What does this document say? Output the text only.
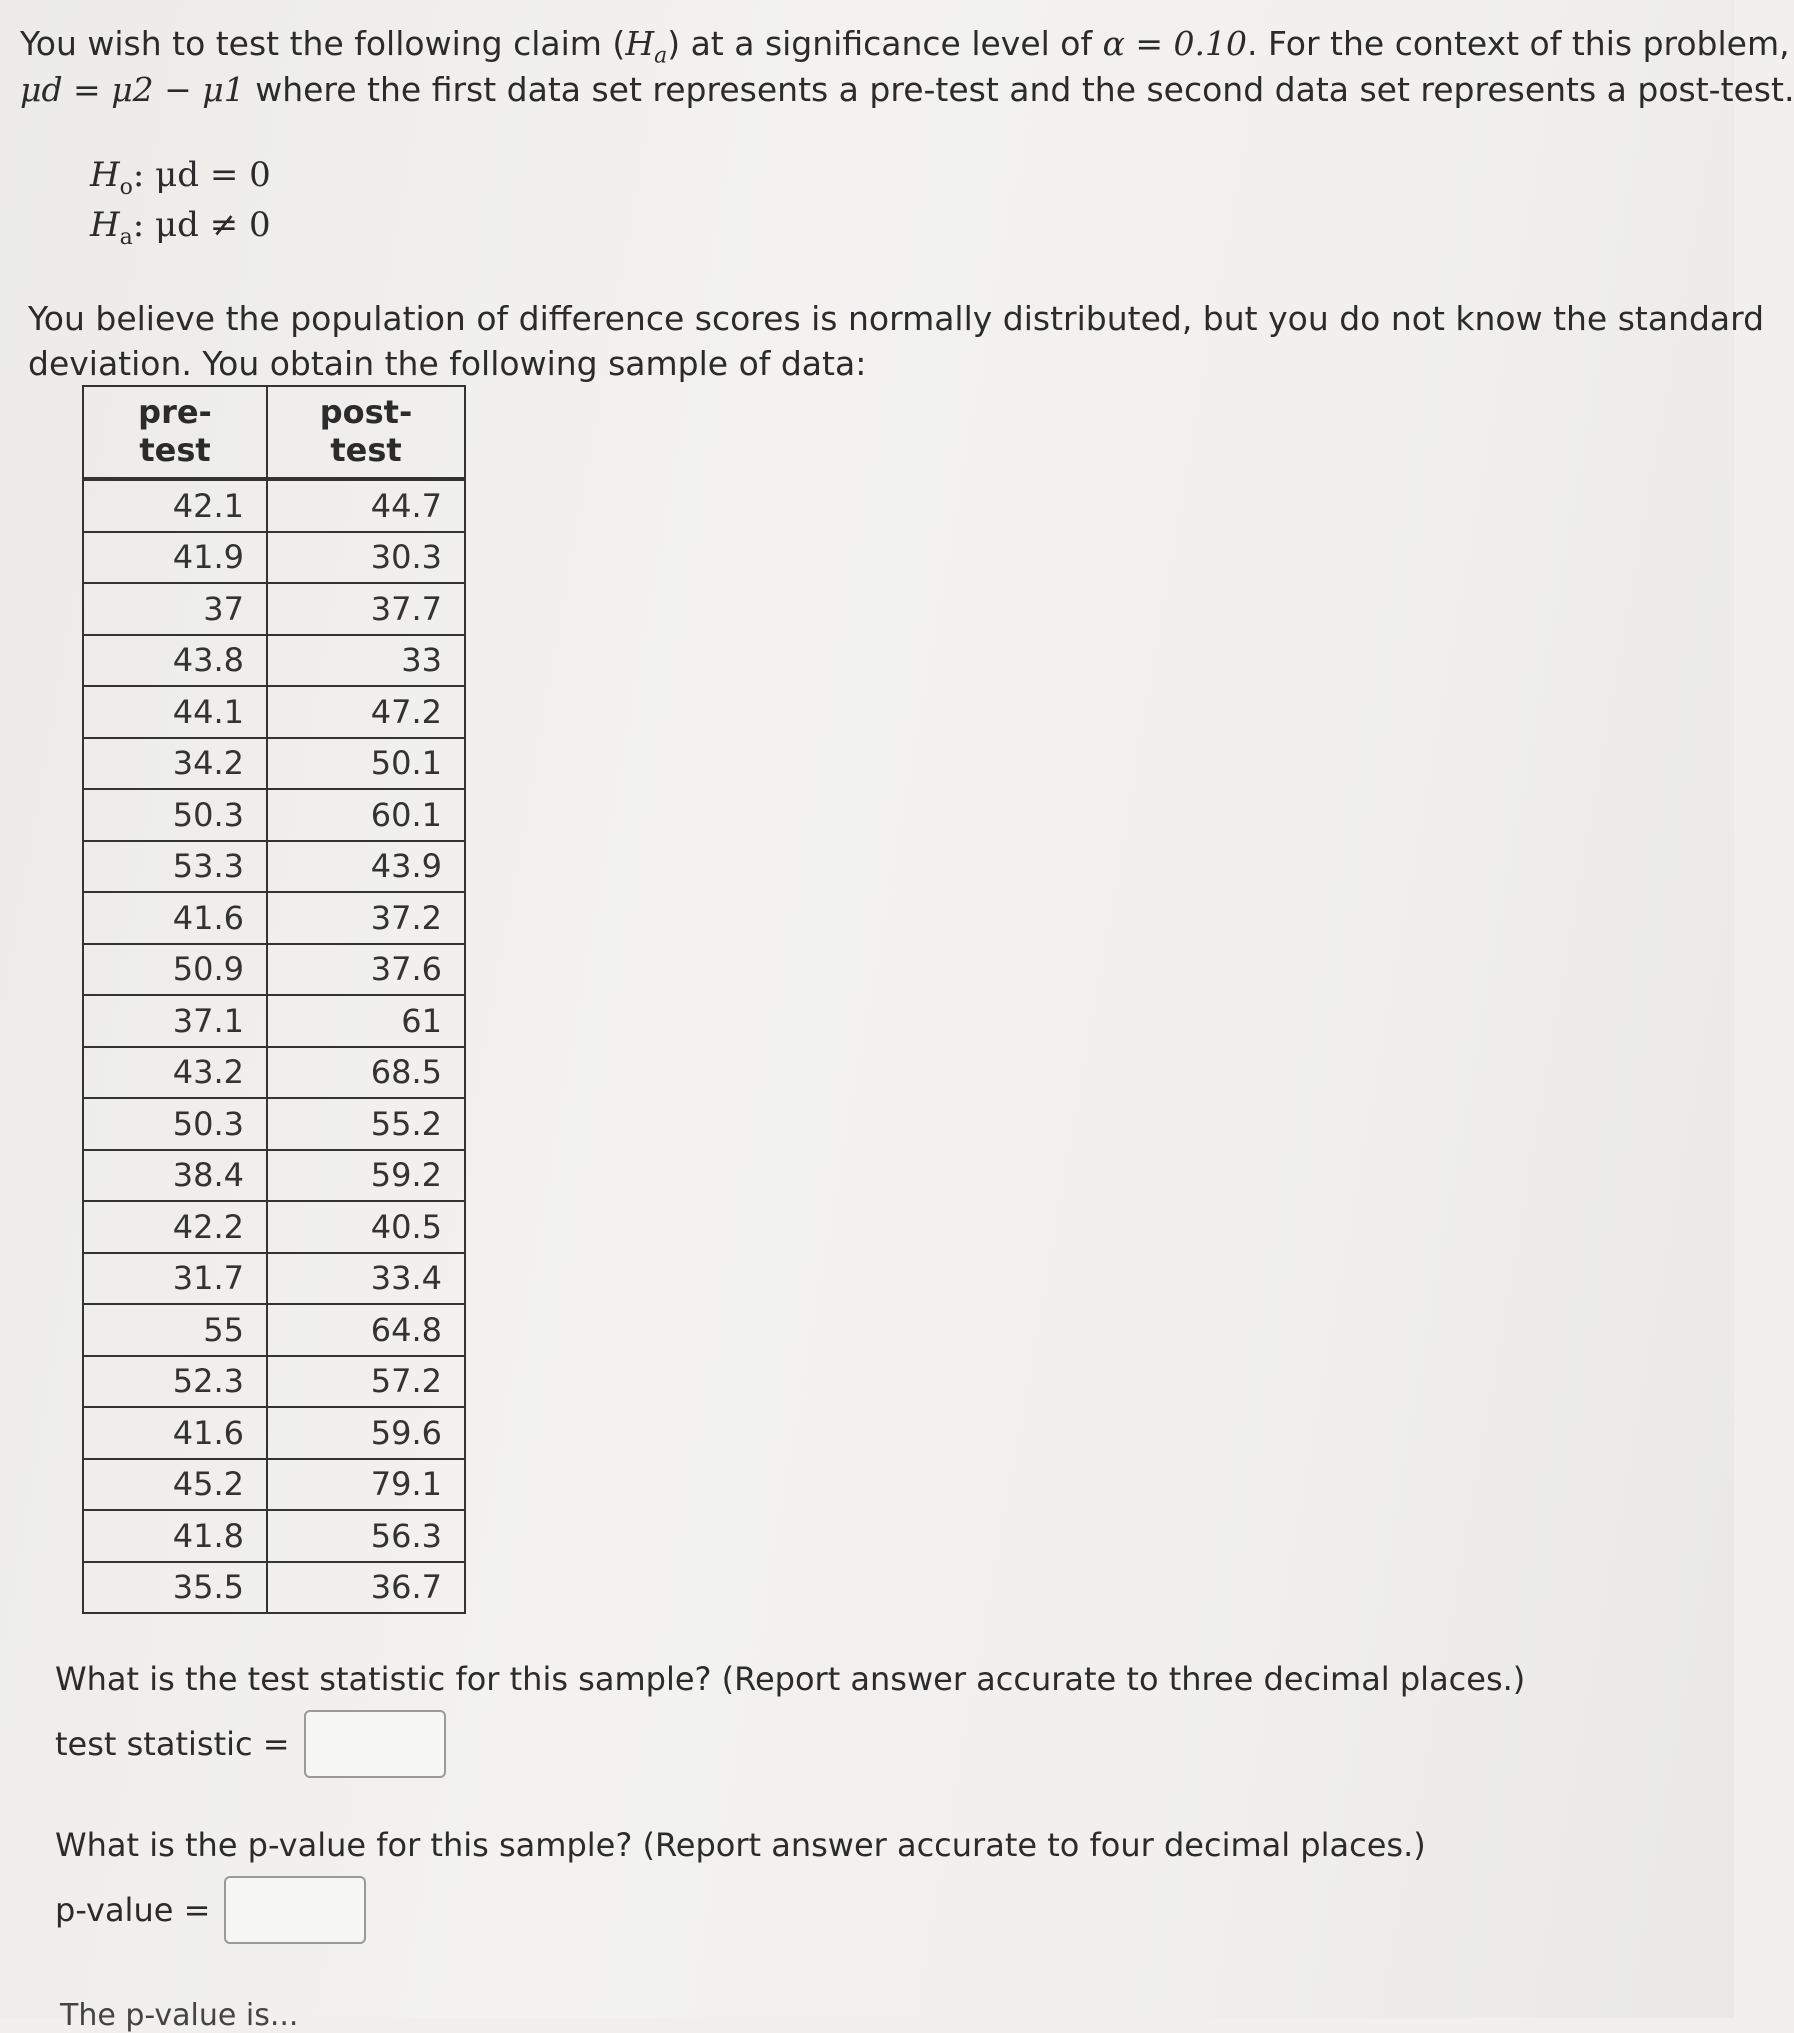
You wish to test the following claim $(H_a)$ at a significance level of α = 0.10. For the context of this problem,
μd = μ2 − μ1 where the first data set represents a pre-test and the second data set represents a post-test.
$H_o$: μd = 0
$H_a$: μd ≠ 0
You believe the population of difference scores is normally distributed, but you do not know the standard
deviation. You obtain the following sample of data:
pre-test	post-test
42.1	44.7
41.9	30.3
37	37.7
43.8	33
44.1	47.2
34.2	50.1
50.3	60.1
53.3	43.9
41.6	37.2
50.9	37.6
37.1	61
43.2	68.5
50.3	55.2
38.4	59.2
42.2	40.5
31.7	33.4
55	64.8
52.3	57.2
41.6	59.6
45.2	79.1
41.8	56.3
35.5	36.7
What is the test statistic for this sample? (Report answer accurate to three decimal places.)
test statistic =
What is the p-value for this sample? (Report answer accurate to four decimal places.)
p-value =
The p-value is...
